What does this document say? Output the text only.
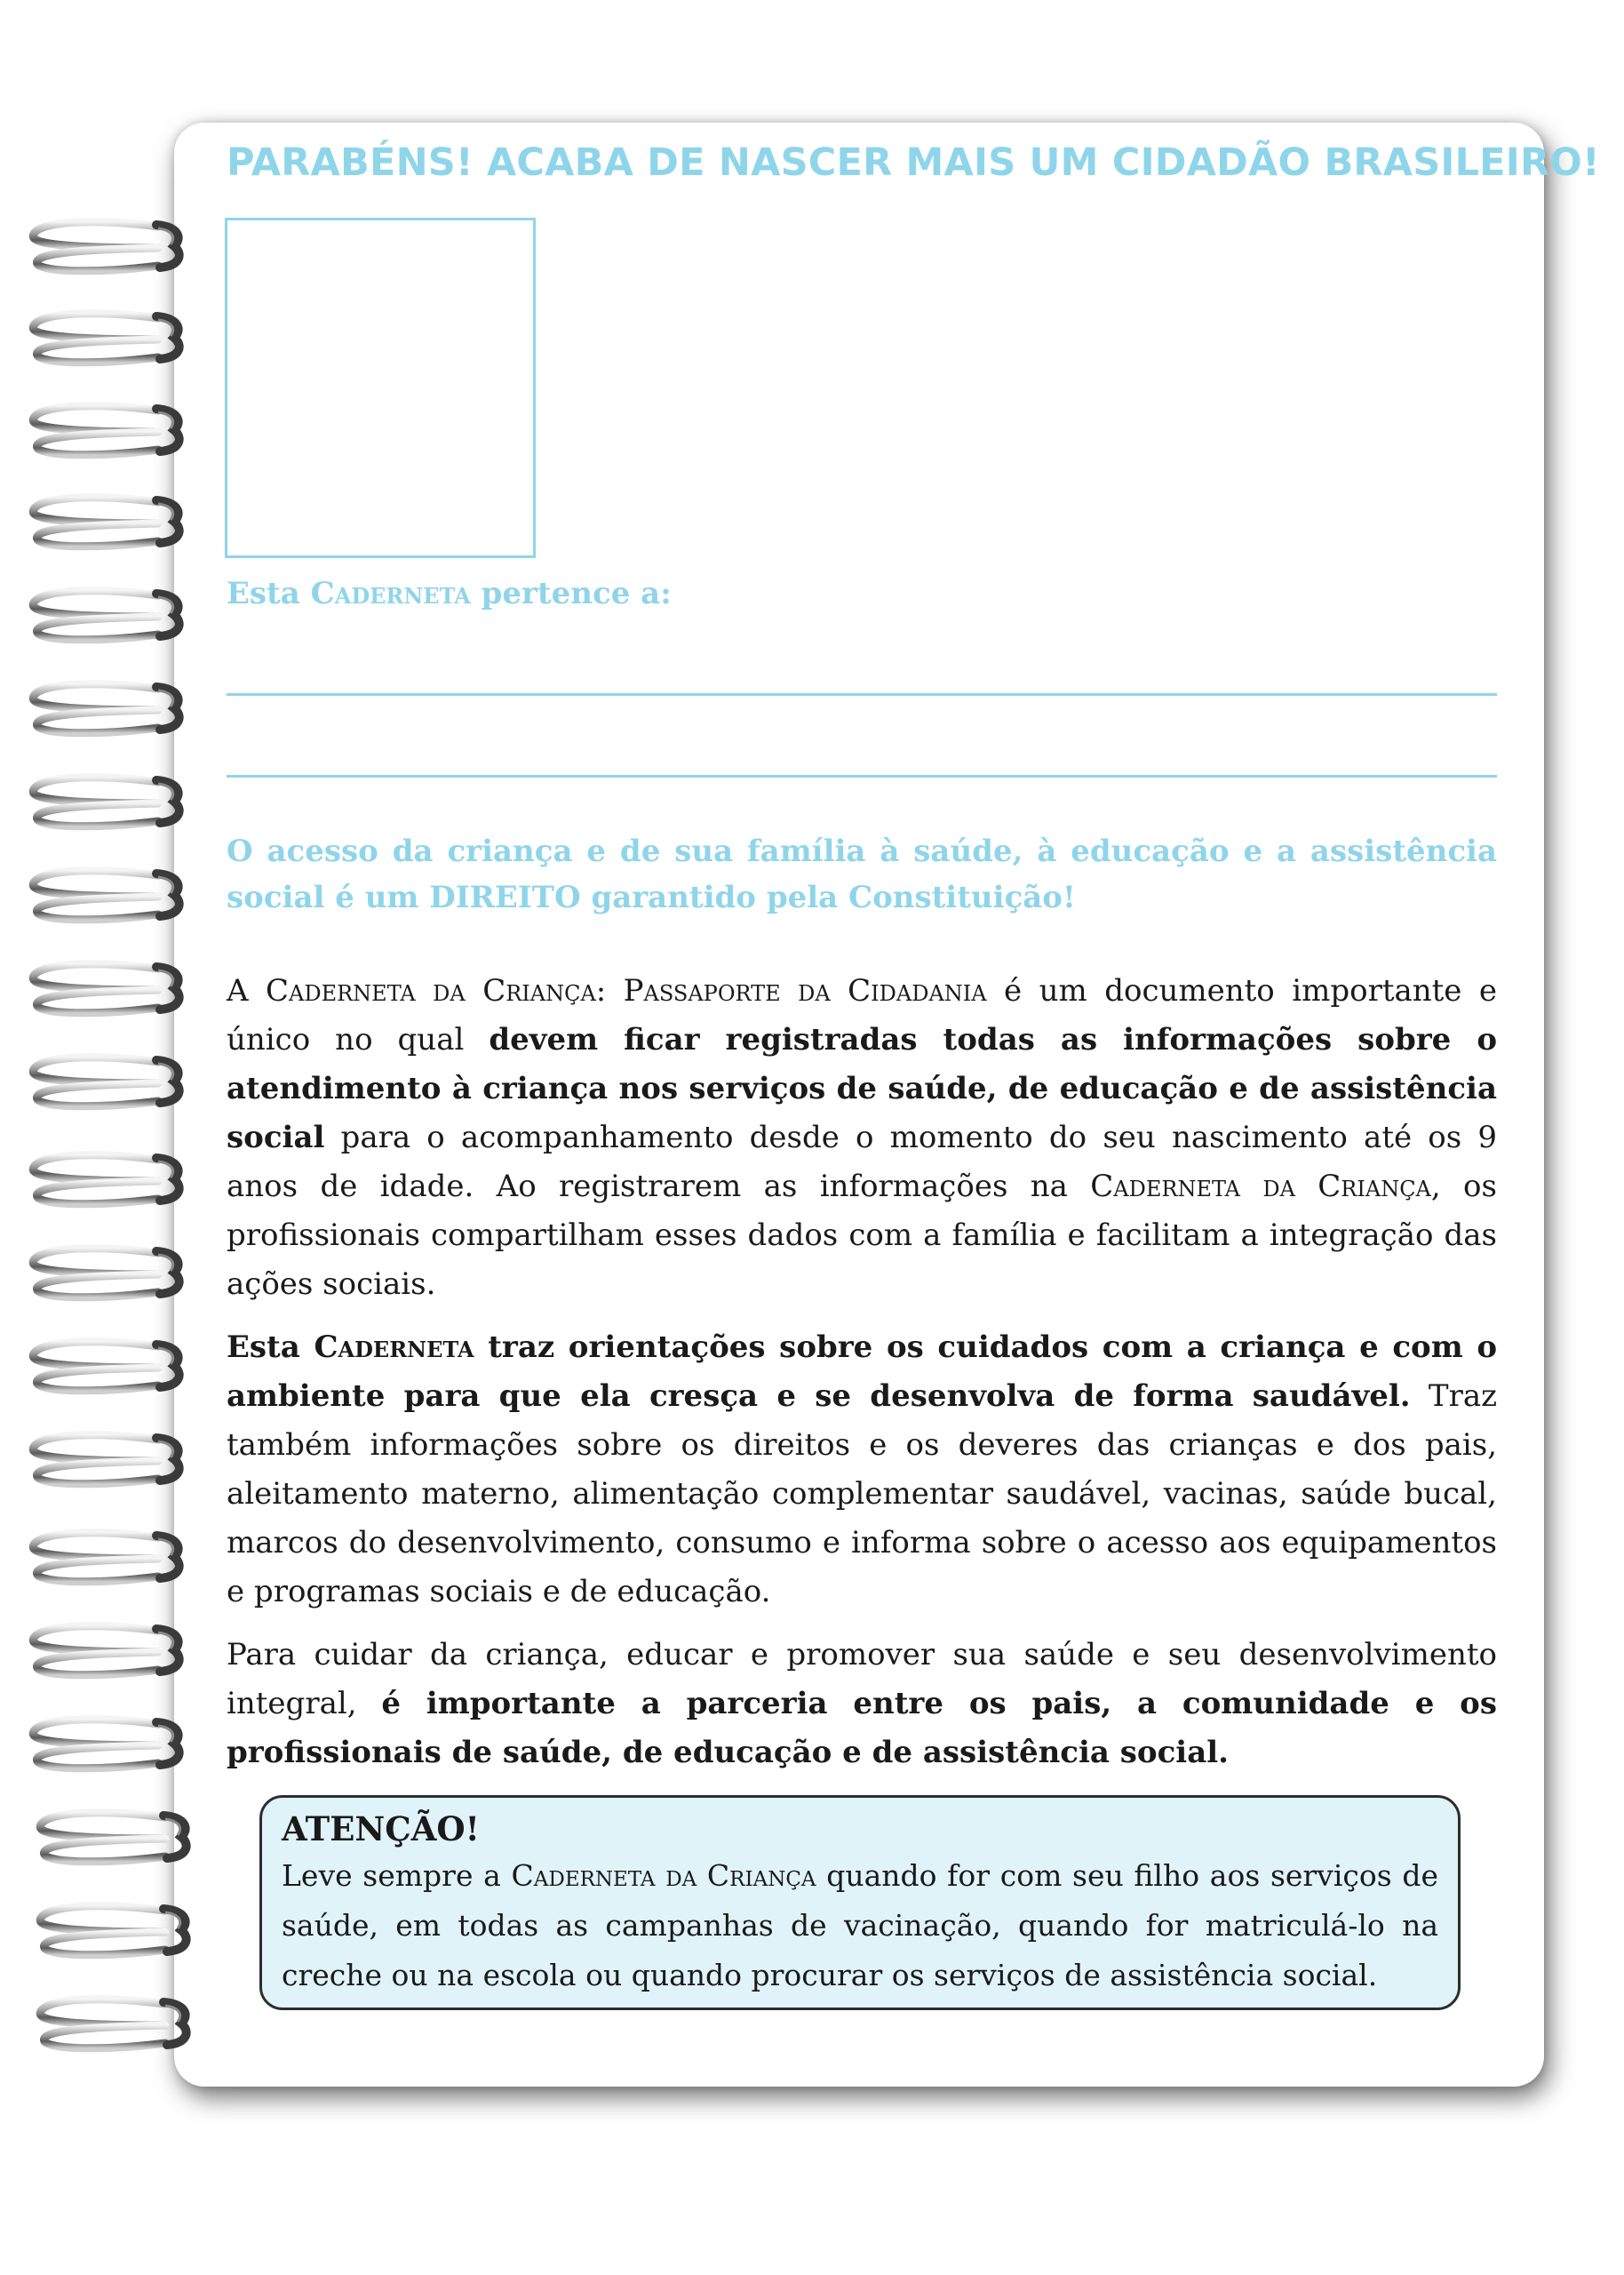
PARABÉNS! ACABA DE NASCER MAIS UM CIDADÃO BRASILEIRO!
Esta Caderneta pertence a:

O acesso da criança e de sua família à saúde, à educação e a assistência social é um DIREITO garantido pela Constituição!

A Caderneta da Criança: Passaporte da Cidadania é um documento importante e único no qual devem ficar registradas todas as informações sobre o atendimento à criança nos serviços de saúde, de educação e de assistência social para o acompanhamento desde o momento do seu nascimento até os 9 anos de idade. Ao registrarem as informações na Caderneta da Criança, os profissionais compartilham esses dados com a família e facilitam a integração das ações sociais.

Esta Caderneta traz orientações sobre os cuidados com a criança e com o ambiente para que ela cresça e se desenvolva de forma saudável. Traz também informações sobre os direitos e os deveres das crianças e dos pais, aleitamento materno, alimentação complementar saudável, vacinas, saúde bucal, marcos do desenvolvimento, consumo e informa sobre o acesso aos equipamentos e programas sociais e de educação.

Para cuidar da criança, educar e promover sua saúde e seu desenvolvimento integral, é importante a parceria entre os pais, a comunidade e os profissionais de saúde, de educação e de assistência social.

ATENÇÃO!

Leve sempre a Caderneta da Criança quando for com seu filho aos serviços de saúde, em todas as campanhas de vacinação, quando for matriculá-lo na creche ou na escola ou quando procurar os serviços de assistência social.
